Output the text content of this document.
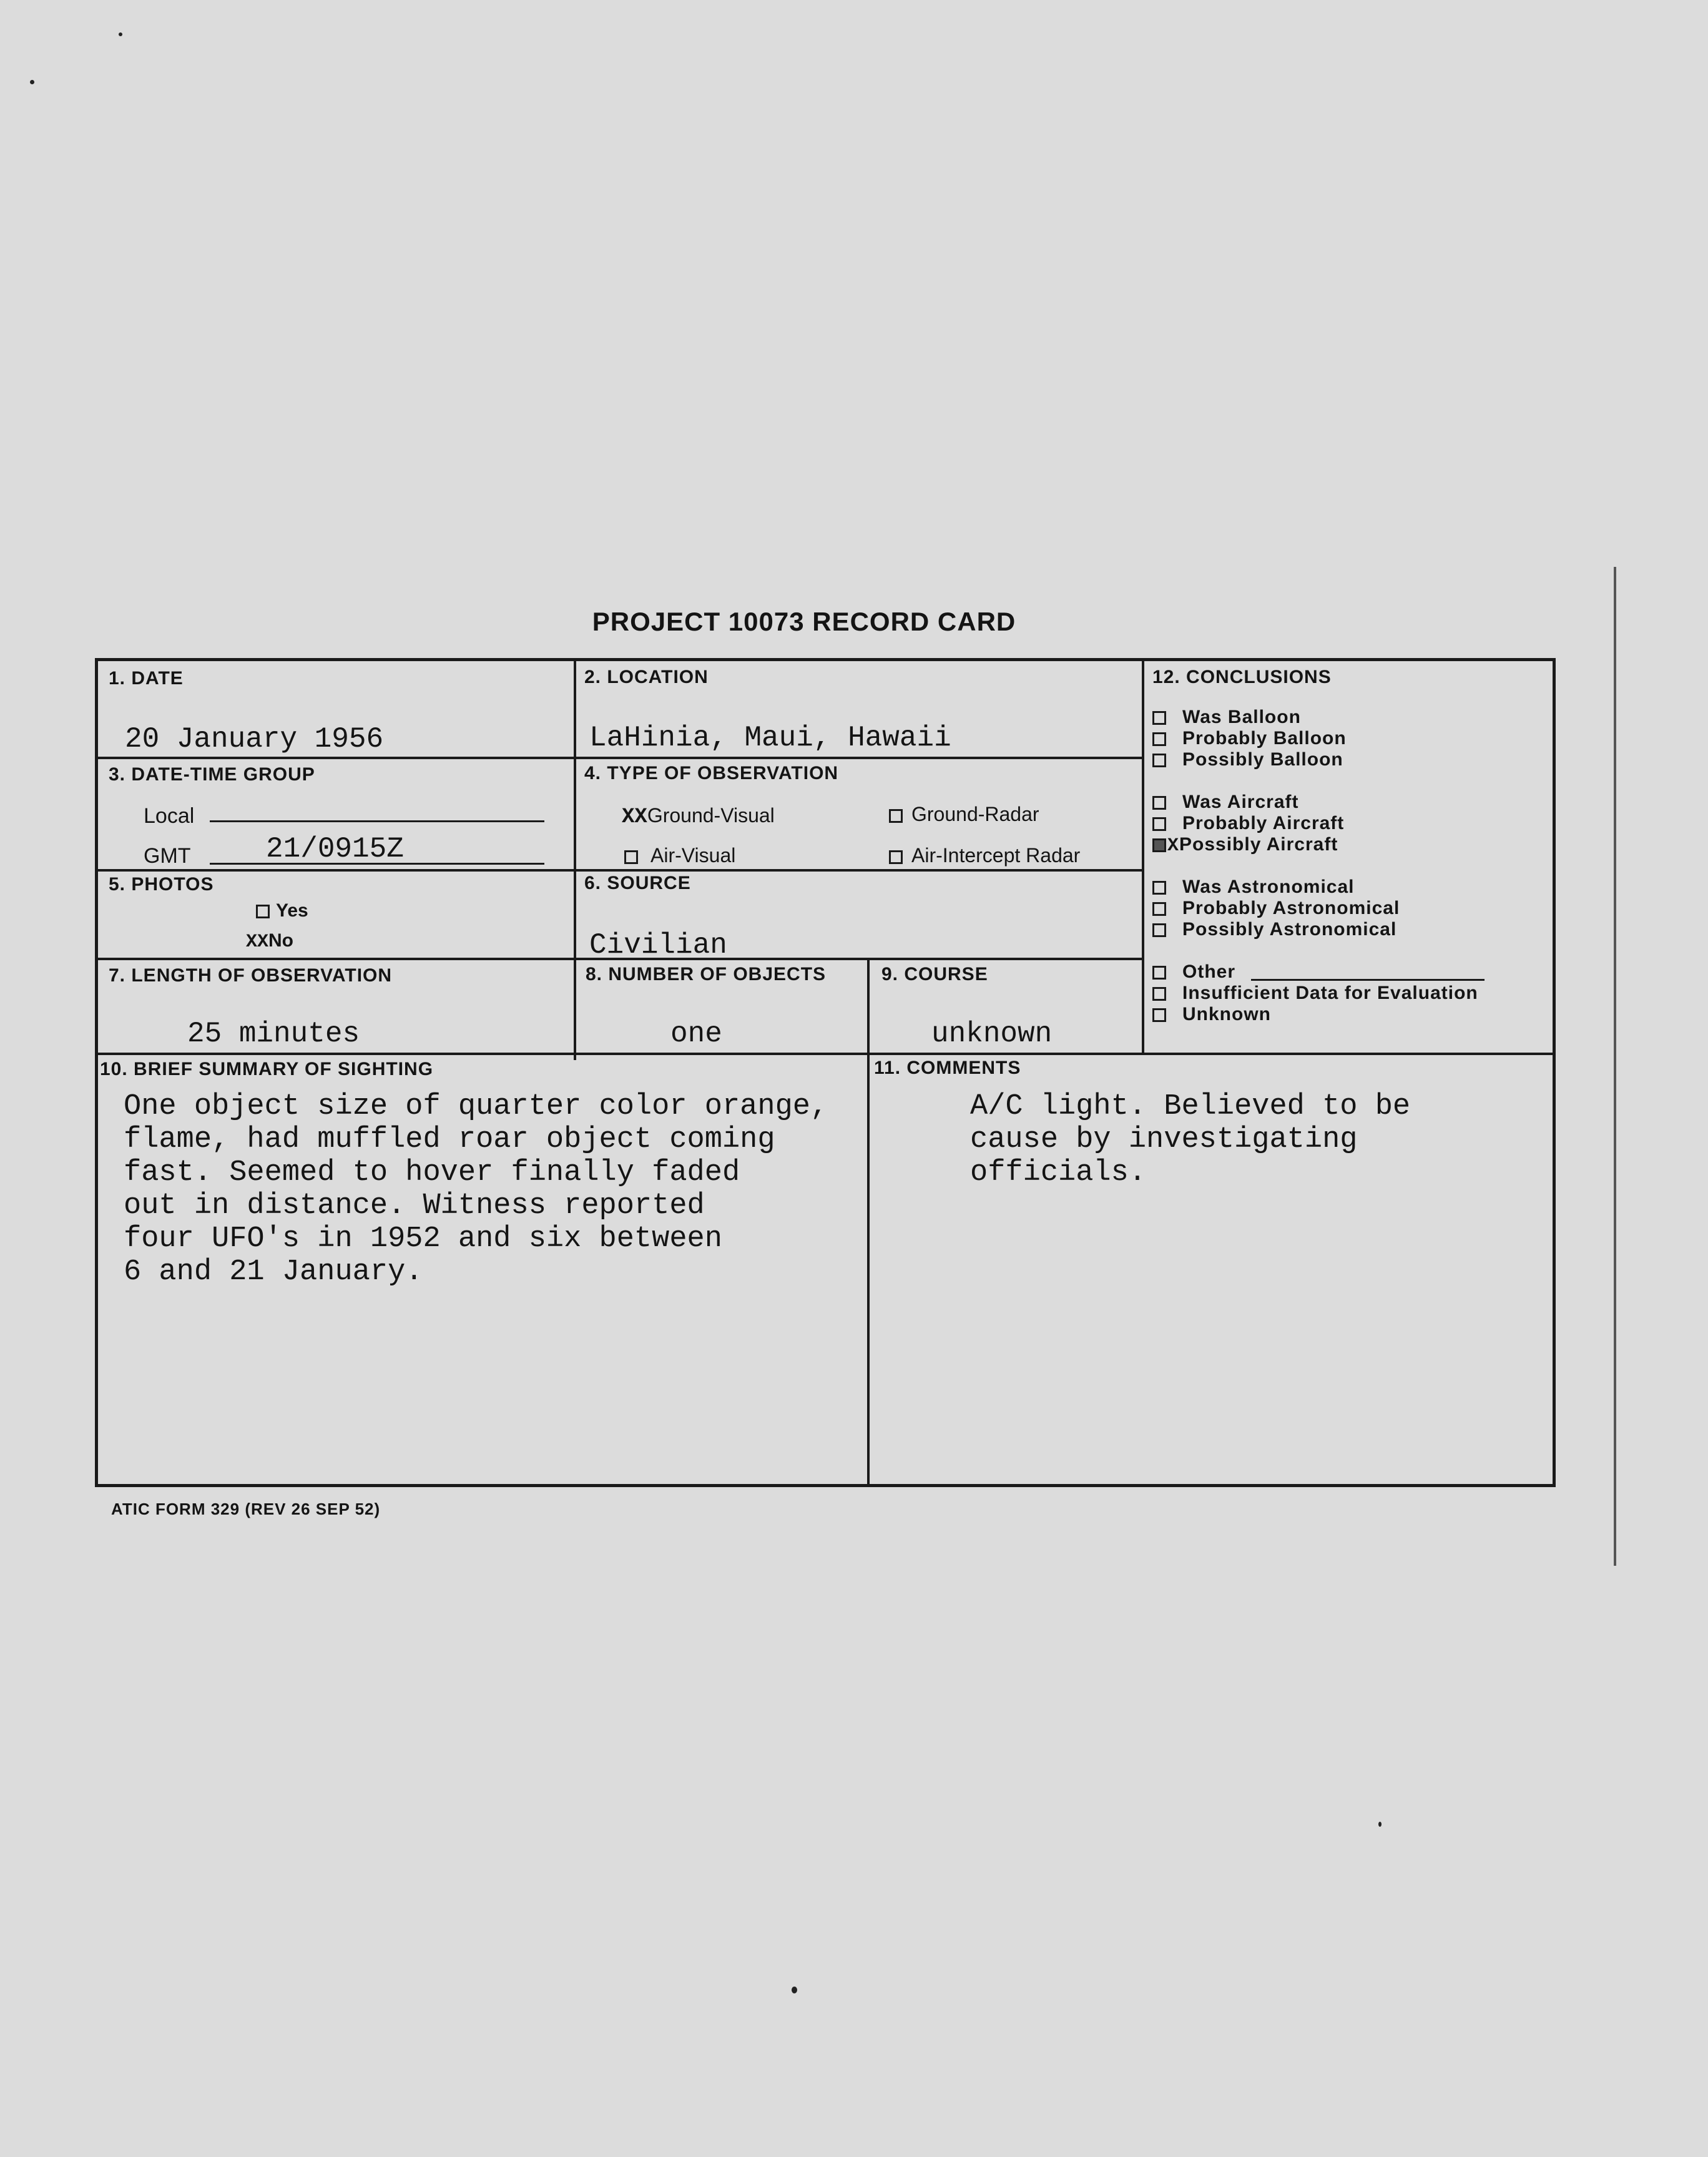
PROJECT 10073 RECORD CARD
1. DATE
20 January 1956
2. LOCATION
LaHinia, Maui, Hawaii
3. DATE-TIME GROUP
Local
GMT	21/0915Z
4. TYPE OF OBSERVATION
XXGround-Visual	Ground-Radar
Air-Visual	Air-Intercept Radar
5. PHOTOS
Yes
XXNo
6. SOURCE
Civilian
7. LENGTH OF OBSERVATION
25 minutes
8. NUMBER OF OBJECTS
one
9. COURSE
unknown
12. CONCLUSIONS
Was Balloon
Probably Balloon
Possibly Balloon
Was Aircraft
Probably Aircraft
XPossibly Aircraft
Was Astronomical
Probably Astronomical
Possibly Astronomical
Other
Insufficient Data for Evaluation
Unknown
10. BRIEF SUMMARY OF SIGHTING
One object size of quarter color orange,
flame, had muffled roar object coming
fast. Seemed to hover finally faded
out in distance. Witness reported
four UFO's in 1952 and six between
6 and 21 January.
11. COMMENTS
A/C light. Believed to be
cause by investigating
officials.
ATIC FORM 329 (REV 26 SEP 52)
